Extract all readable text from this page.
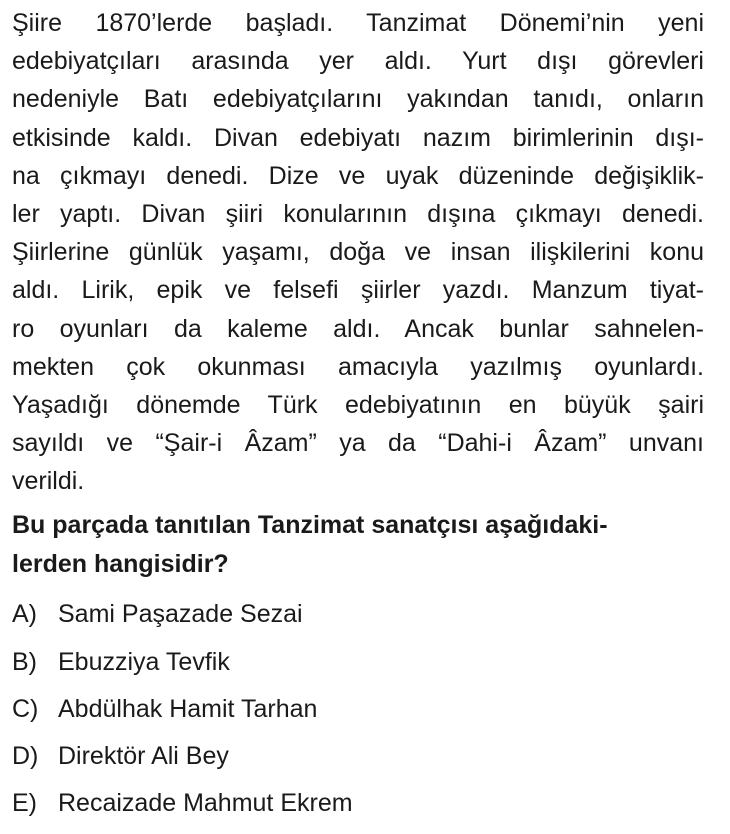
Şiire 1870’lerde başladı. Tanzimat Dönemi’nin yeni
edebiyatçıları arasında yer aldı. Yurt dışı görevleri
nedeniyle Batı edebiyatçılarını yakından tanıdı, onların
etkisinde kaldı. Divan edebiyatı nazım birimlerinin dışı-
na çıkmayı denedi. Dize ve uyak düzeninde değişiklik-
ler yaptı. Divan şiiri konularının dışına çıkmayı denedi.
Şiirlerine günlük yaşamı, doğa ve insan ilişkilerini konu
aldı. Lirik, epik ve felsefi şiirler yazdı. Manzum tiyat-
ro oyunları da kaleme aldı. Ancak bunlar sahnelen-
mekten çok okunması amacıyla yazılmış oyunlardı.
Yaşadığı dönemde Türk edebiyatının en büyük şairi
sayıldı ve “Şair-i Âzam” ya da “Dahi-i Âzam” unvanı
verildi.
Bu parçada tanıtılan Tanzimat sanatçısı aşağıdaki-
lerden hangisidir?
A) Sami Paşazade Sezai
B) Ebuzziya Tevfik
C) Abdülhak Hamit Tarhan
D) Direktör Ali Bey
E) Recaizade Mahmut Ekrem
